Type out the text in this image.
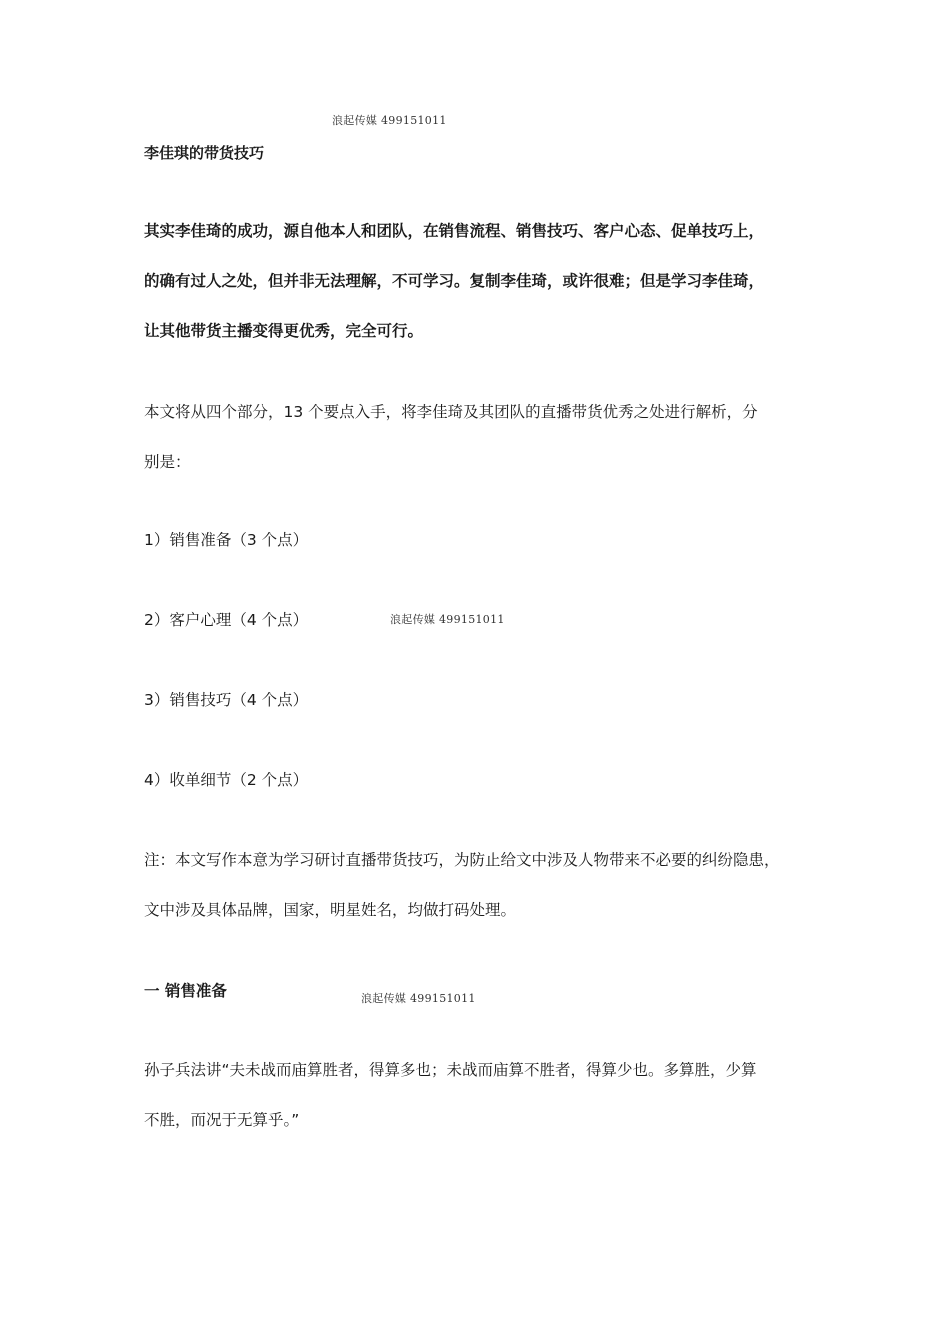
浪起传媒 499151011
李佳琪的带货技巧
其实李佳琦的成功，源自他本人和团队，在销售流程、销售技巧、客户心态、促单技巧上，
的确有过人之处，但并非无法理解，不可学习。复制李佳琦，或许很难；但是学习李佳琦，
让其他带货主播变得更优秀，完全可行。
本文将从四个部分，13 个要点入手，将李佳琦及其团队的直播带货优秀之处进行解析，分
别是：
1）销售准备（3 个点）
2）客户心理（4 个点）	浪起传媒 499151011
3）销售技巧（4 个点）
4）收单细节（2 个点）
注：本文写作本意为学习研讨直播带货技巧，为防止给文中涉及人物带来不必要的纠纷隐患，
文中涉及具体品牌，国家，明星姓名，均做打码处理。
一 销售准备	浪起传媒 499151011
孙子兵法讲“夫未战而庙算胜者，得算多也；未战而庙算不胜者，得算少也。多算胜，少算
不胜，而况于无算乎。”
